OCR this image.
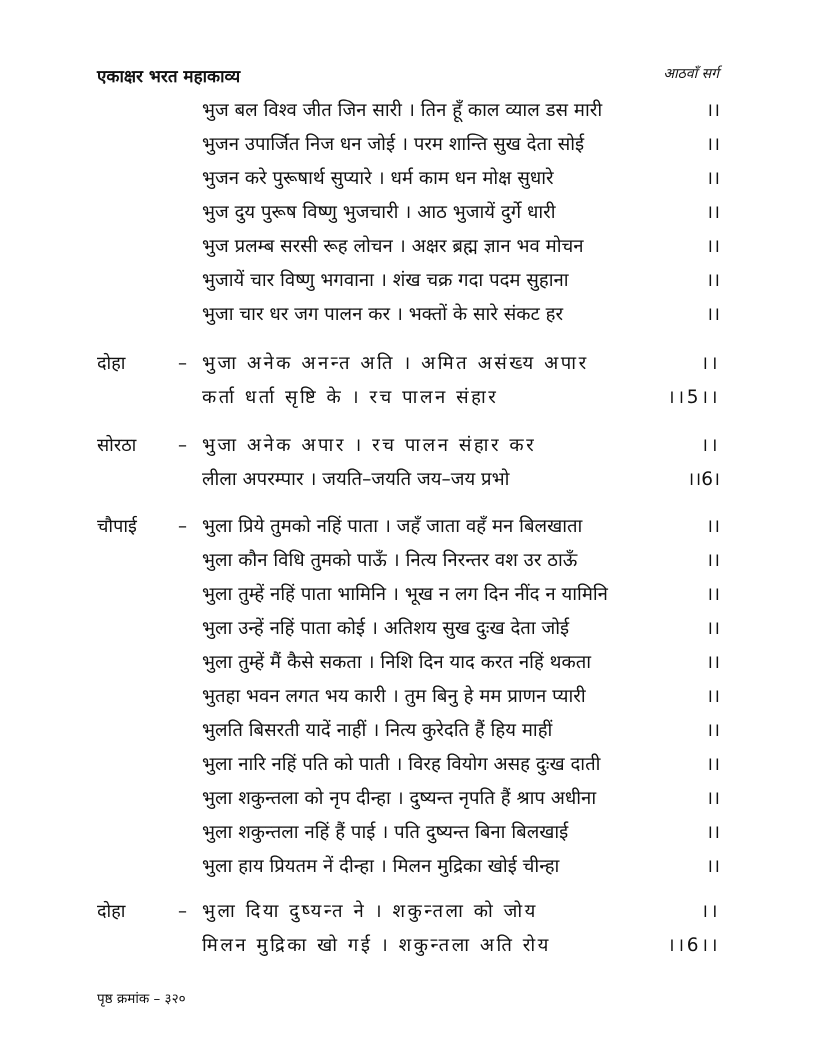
एकाक्षर भरत महाकाव्य	आठवाँ सर्ग
भुज बल विश्व जीत जिन सारी । तिन हूँ काल व्याल डस मारी	।।
भुजन उपार्जित निज धन जोई । परम शान्ति सुख देता सोई	।।
भुजन करे पुरूषार्थ सुप्यारे । धर्म काम धन मोक्ष सुधारे	।।
भुज दुय पुरूष विष्णु भुजचारी । आठ भुजायें दुर्गे धारी	।।
भुज प्रलम्ब सरसी रूह लोचन । अक्षर ब्रह्म ज्ञान भव मोचन	।।
भुजायें चार विष्णु भगवाना । शंख चक्र गदा पदम सुहाना	।।
भुजा चार धर जग पालन कर । भक्तों के सारे संकट हर	।।
दोहा	– भुजा अनेक अनन्त अति । अमित असंख्य अपार	।।
कर्ता धर्ता सृष्टि के । रच पालन संहार	।।5।।
सोरठा	– भुजा अनेक अपार । रच पालन संहार कर	।।
लीला अपरम्पार । जयति–जयति जय–जय प्रभो	।।6।
चौपाई	– भुला प्रिये तुमको नहिं पाता । जहँ जाता वहँ मन बिलखाता	।।
भुला कौन विधि तुमको पाऊँ । नित्य निरन्तर वश उर ठाऊँ	।।
भुला तुम्हें नहिं पाता भामिनि । भूख न लग दिन नींद न यामिनि	।।
भुला उन्हें नहिं पाता कोई । अतिशय सुख दुःख देता जोई	।।
भुला तुम्हें मैं कैसे सकता । निशि दिन याद करत नहिं थकता	।।
भुतहा भवन लगत भय कारी । तुम बिनु हे मम प्राणन प्यारी	।।
भुलति बिसरती यादें नाहीं । नित्य कुरेदति हैं हिय माहीं	।।
भुला नारि नहिं पति को पाती । विरह वियोग असह दुःख दाती	।।
भुला शकुन्तला को नृप दीन्हा । दुष्यन्त नृपति हैं श्राप अधीना	।।
भुला शकुन्तला नहिं हैं पाई । पति दुष्यन्त बिना बिलखाई	।।
भुला हाय प्रियतम नें दीन्हा । मिलन मुद्रिका खोई चीन्हा	।।
दोहा	– भुला दिया दुष्यन्त ने । शकुन्तला को जोय	।।
मिलन मुद्रिका खो गई । शकुन्तला अति रोय	।।6।।
पृष्ठ क्रमांक – ३२०
